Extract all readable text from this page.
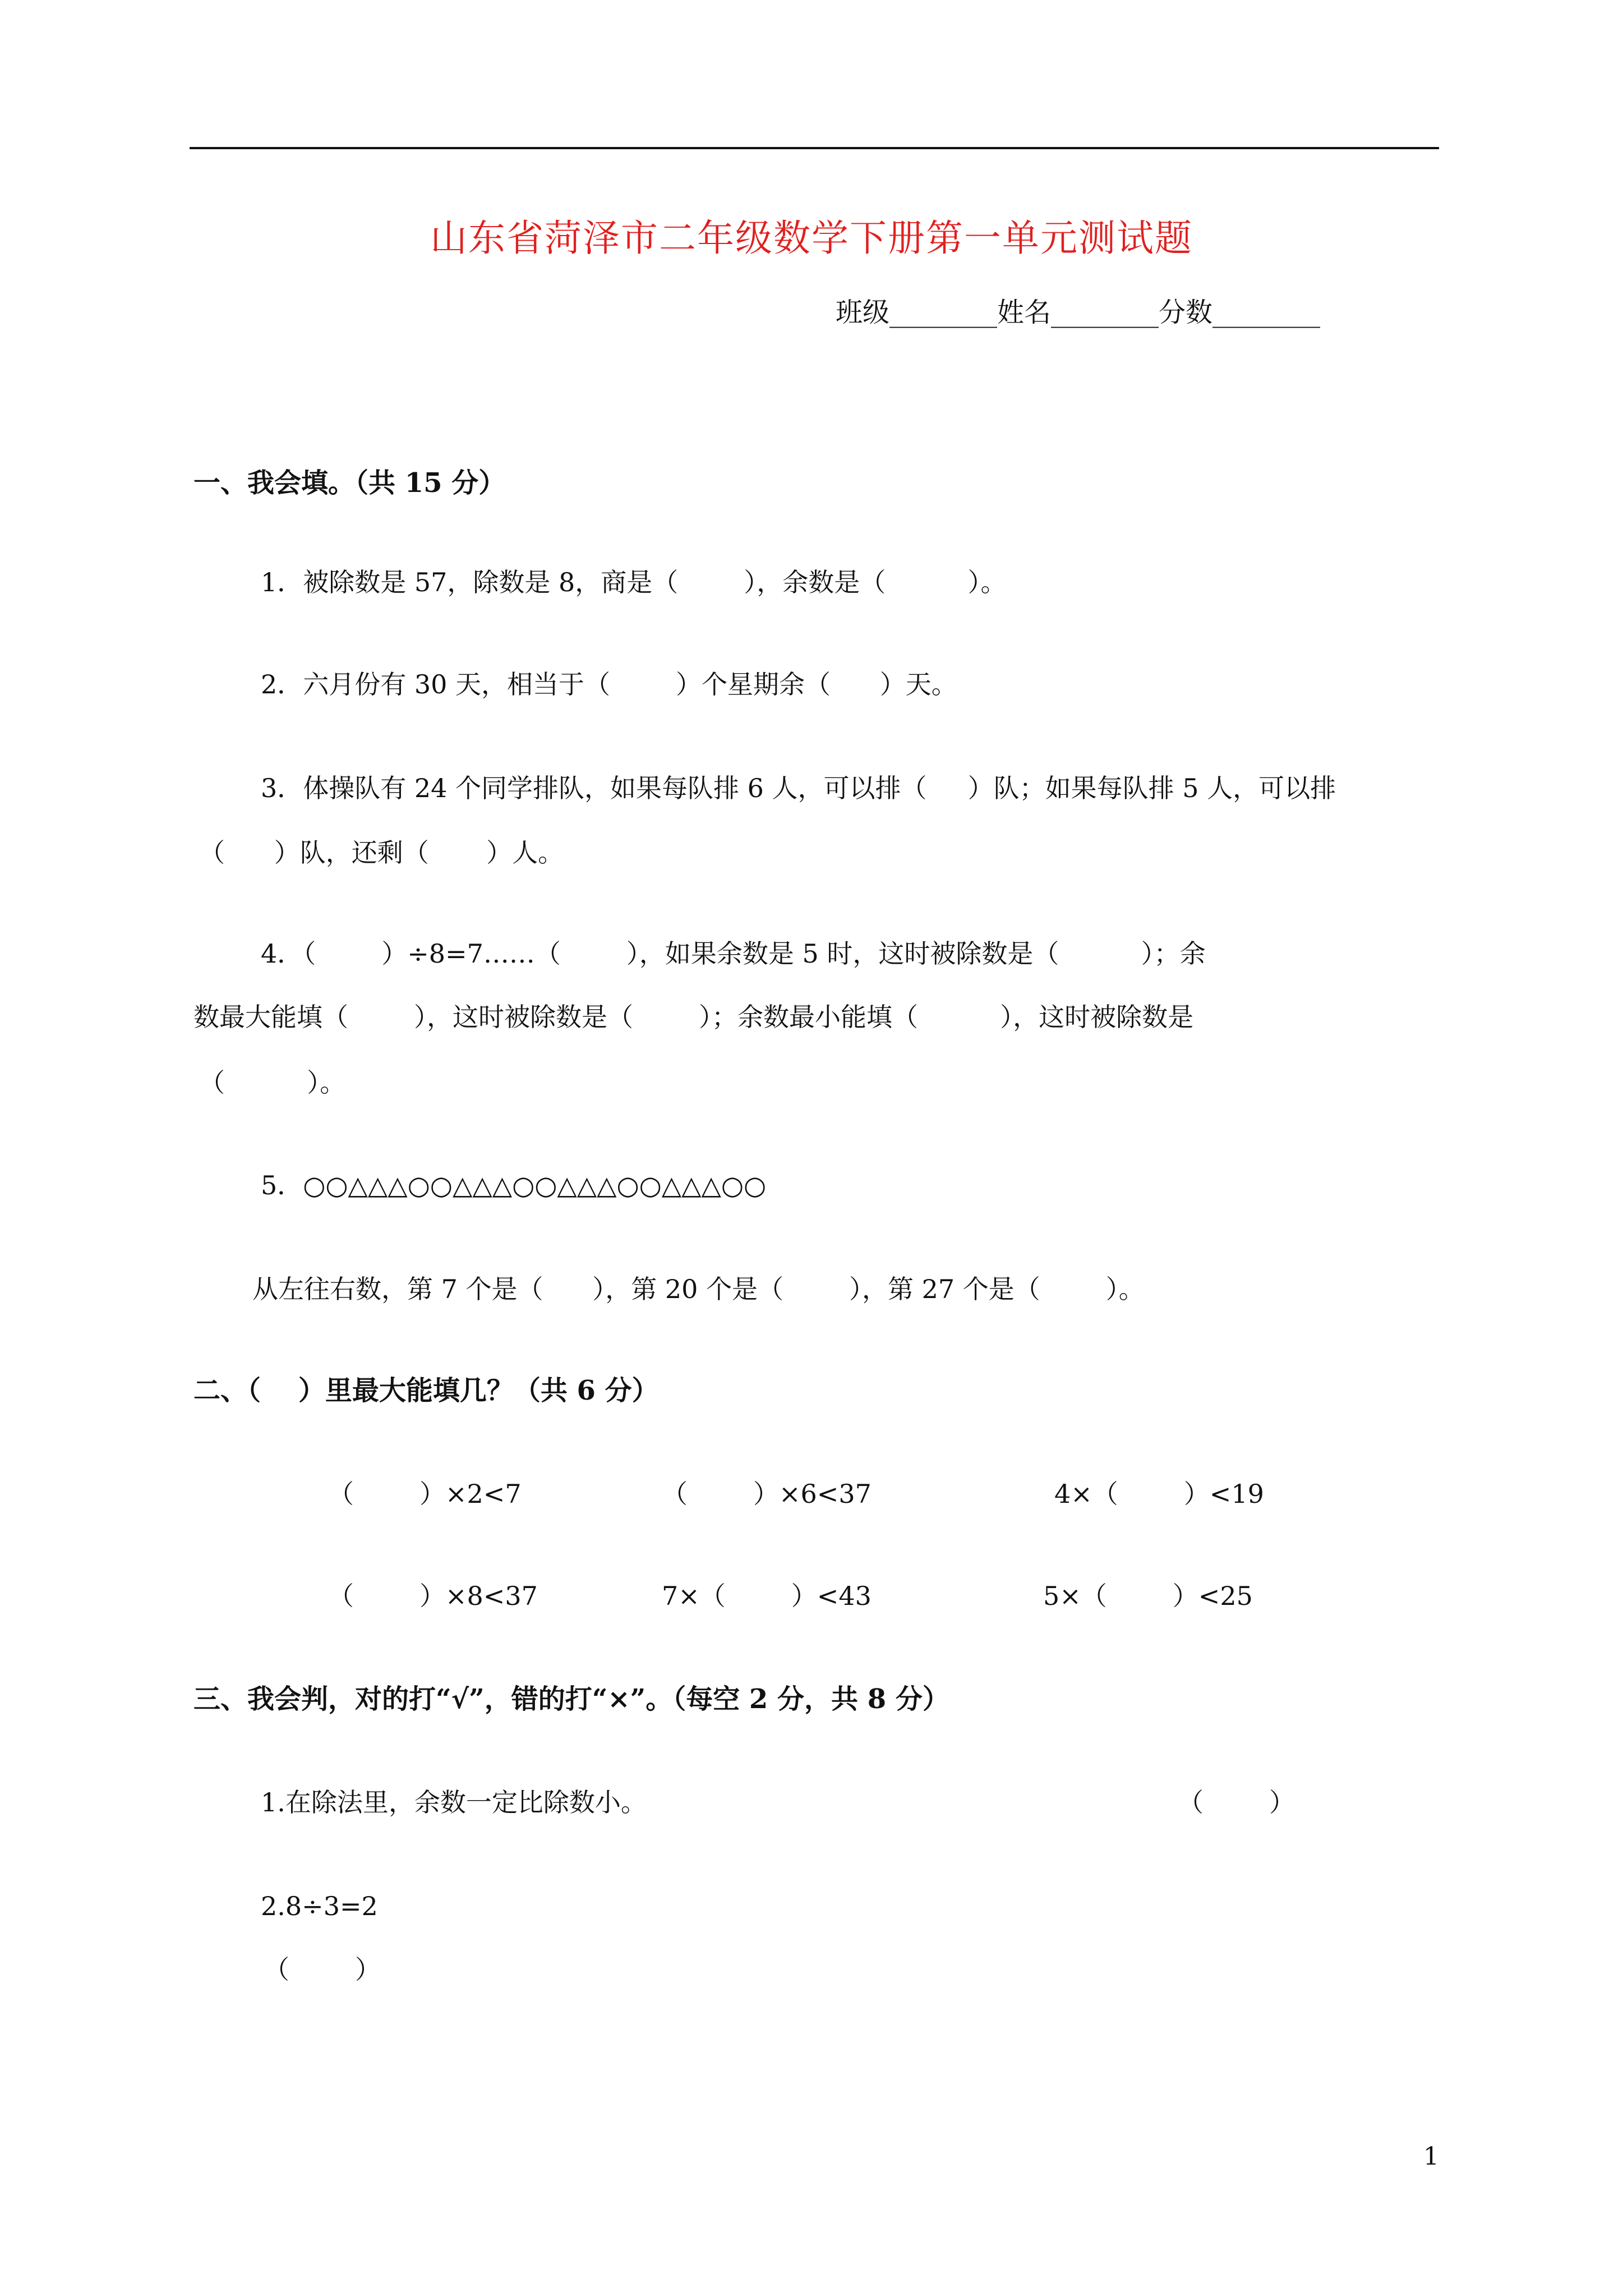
山东省菏泽市二年级数学下册第一单元测试题
班级________姓名________分数________
一、我会填。（共 15 分）
1．被除数是 57，除数是 8，商是（        ），余数是（          ）。
2．六月份有 30 天，相当于（        ）个星期余（      ）天。
3．体操队有 24 个同学排队，如果每队排 6 人，可以排（     ）队；如果每队排 5 人，可以排
（      ）队，还剩（       ）人。
4．（        ）÷8=7……（        ），如果余数是 5 时，这时被除数是（          ）；余
数最大能填（        ），这时被除数是（        ）；余数最小能填（          ），这时被除数是
（          ）。
5．○○△△△○○△△△○○△△△○○△△△○○
从左往右数，第 7 个是（      ），第 20 个是（        ），第 27 个是（        ）。
二、（    ）里最大能填几？（共 6 分）
（        ）×2<7	（        ）×6<37	4×（        ）<19
（        ）×8<37	7×（        ）<43	5×（        ）<25
三、我会判，对的打“√”，错的打“×”。（每空 2 分，共 8 分）
1.在除法里，余数一定比除数小。	（        ）
2.8÷3=2
（        ）
1
